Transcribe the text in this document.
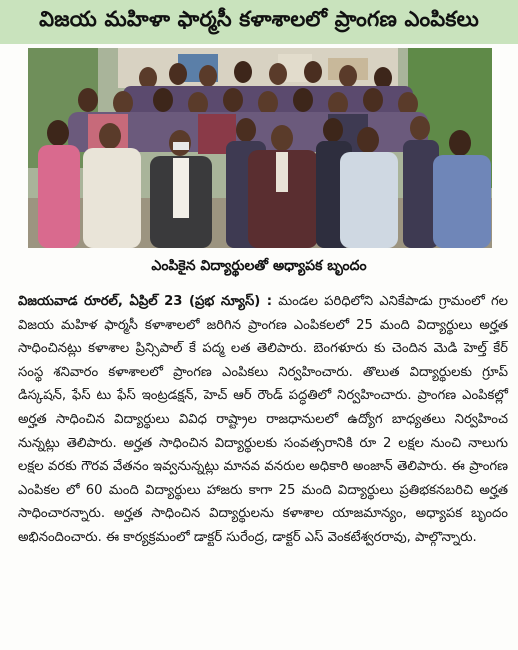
విజయ మహిళా ఫార్మసీ కళాశాలలో ప్రాంగణ ఎంపికలు
ఎంపికైన విద్యార్థులతో అధ్యాపక బృందం

విజయవాడ రూరల్, ఏప్రిల్ 23 (ప్రభ న్యూస్) : మండల పరిధిలోని ఎనికేపాడు గ్రామంలో గల విజయ మహిళ ఫార్మసీ కళాశాలలో జరిగిన ప్రాంగణ ఎంపికలలో 25 మంది విద్యార్థులు అర్హత సాధించినట్లు కళాశాల ప్రిన్సిపాల్ కే పద్మ లత తెలిపారు. బెంగళూరు కు చెందిన మెడి హెల్త్ కేర్ సంస్థ శనివారం కళాశాలలో ప్రాంగణ ఎంపికలు నిర్వహించారు. తొలుత విద్యార్థులకు గ్రూప్ డిస్కషన్, ఫేస్ టు ఫేస్ ఇంట్రడక్షన్, హెచ్ ఆర్ రౌండ్ పద్ధతిలో నిర్వహించారు. ప్రాంగణ ఎంపికల్లో అర్హత సాధించిన విద్యార్థులు వివిధ రాష్ట్రాల రాజధానులలో ఉద్యోగ బాధ్యతలు నిర్వహించ నున్నట్లు తెలిపారు. అర్హత సాధించిన విద్యార్థులకు సంవత్సరానికి రూ 2 లక్షల నుంచి నాలుగు లక్షల వరకు గౌరవ వేతనం ఇవ్వనున్నట్లు మానవ వనరుల అధికారి అంజాన్ తెలిపారు. ఈ ప్రాంగణ ఎంపికల లో 60 మంది విద్యార్థులు హాజరు కాగా 25 మంది విద్యార్థులు ప్రతిభకనబరిచి అర్హత సాధించారన్నారు. అర్హత సాధించిన విద్యార్థులను కళాశాల యాజమాన్యం, అధ్యాపక బృందం అభినందించారు. ఈ కార్యక్రమంలో డాక్టర్ సురేంద్ర, డాక్టర్ ఎస్ వెంకటేశ్వరరావు, పాల్గొన్నారు.
